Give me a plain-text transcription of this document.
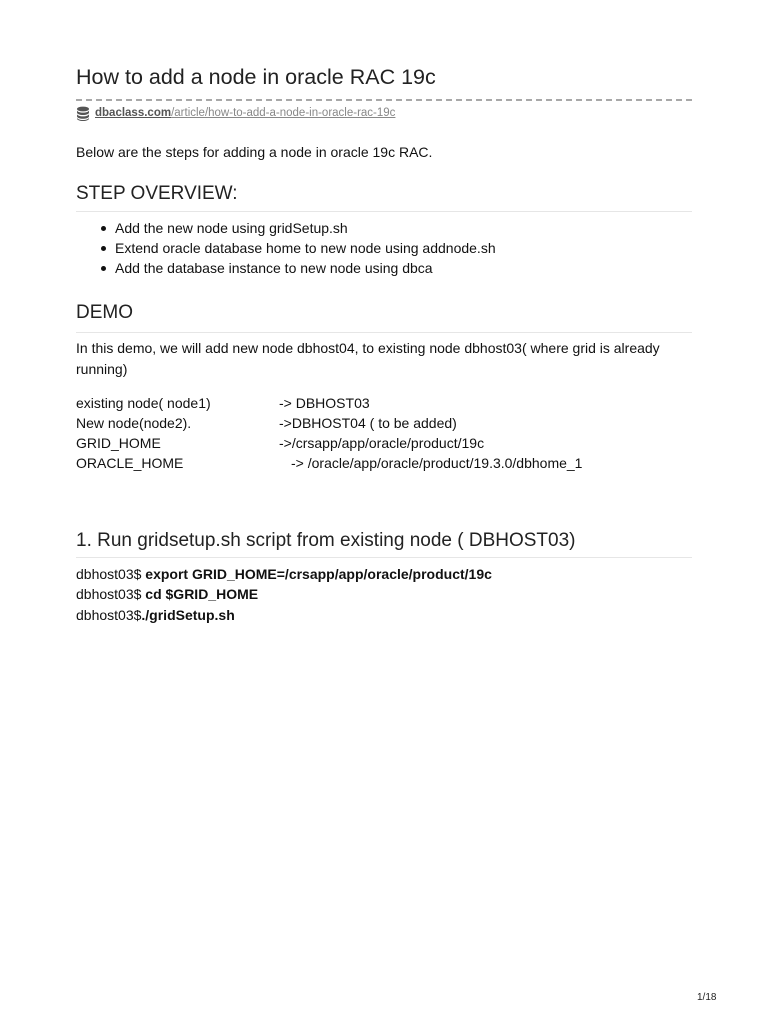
How to add a node in oracle RAC 19c
dbaclass.com /article/how-to-add-a-node-in-oracle-rac-19c
Below are the steps for adding a node in oracle 19c RAC.
STEP OVERVIEW:
Add the new node using gridSetup.sh
Extend oracle database home to new node using addnode.sh
Add the database instance to new node using dbca
DEMO
In this demo, we will add new node dbhost04, to existing node dbhost03( where grid is already running)
existing node( node1)	-> DBHOST03
New node(node2).	->DBHOST04 ( to be added)
GRID_HOME	->/crsapp/app/oracle/product/19c
ORACLE_HOME	-> /oracle/app/oracle/product/19.3.0/dbhome_1
1. Run gridsetup.sh script from existing node ( DBHOST03)
dbhost03$ export GRID_HOME=/crsapp/app/oracle/product/19c
dbhost03$ cd $GRID_HOME
dbhost03$./gridSetup.sh
1/18
